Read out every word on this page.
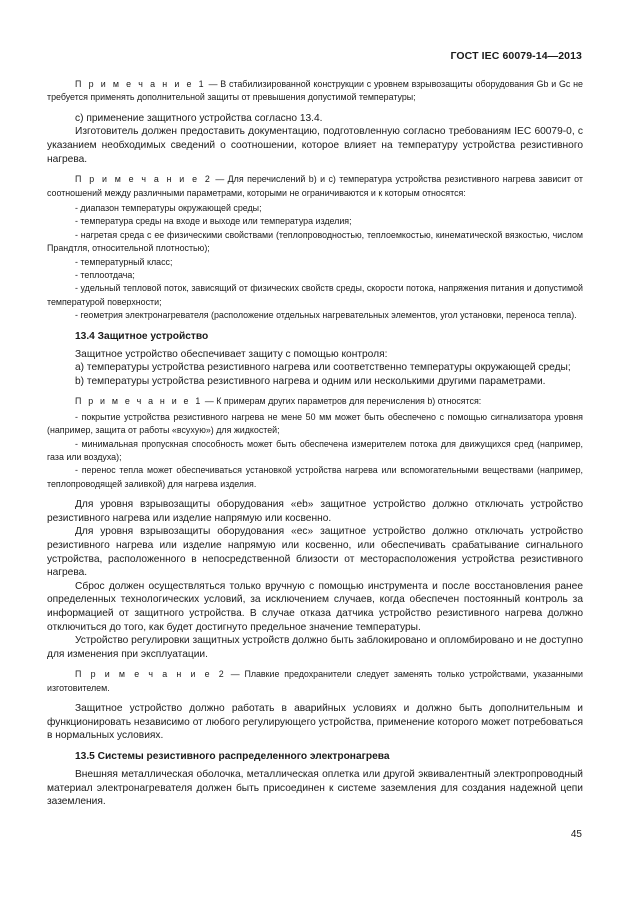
ГОСТ IEC 60079-14—2013

П р и м е ч а н и е 1 — В стабилизированной конструкции с уровнем взрывозащиты оборудования Gb и Gc не требуется применять дополнительной защиты от превышения допустимой температуры;

с) применение защитного устройства согласно 13.4.

Изготовитель должен предоставить документацию, подготовленную согласно требованиям IEC 60079-0, с указанием необходимых сведений о соотношении, которое влияет на температуру устройства резистивного нагрева.

П р и м е ч а н и е 2 — Для перечислений b) и с) температура устройства резистивного нагрева зависит от соотношений между различными параметрами, которыми не ограничиваются и к которым относятся:

- диапазон температуры окружающей среды;

- температура среды на входе и выходе или температура изделия;

- нагретая среда с ее физическими свойствами (теплопроводностью, теплоемкостью, кинематической вязкостью, числом Прандтля, относительной плотностью);

- температурный класс;

- теплоотдача;

- удельный тепловой поток, зависящий от физических свойств среды, скорости потока, напряжения питания и допустимой температурой поверхности;

- геометрия электронагревателя (расположение отдельных нагревательных элементов, угол установки, переноса тепла).

13.4 Защитное устройство

Защитное устройство обеспечивает защиту с помощью контроля:

а) температуры устройства резистивного нагрева или соответственно температуры окружающей среды;

b) температуры устройства резистивного нагрева и одним или несколькими другими параметрами.

П р и м е ч а н и е 1 — К примерам других параметров для перечисления b) относятся:

- покрытие устройства резистивного нагрева не мене 50 мм может быть обеспечено с помощью сигнализатора уровня (например, защита от работы «всухую») для жидкостей;

- минимальная пропускная способность может быть обеспечена измерителем потока для движущихся сред (например, газа или воздуха);

- перенос тепла может обеспечиваться установкой устройства нагрева или вспомогательными веществами (например, теплопроводящей заливкой) для нагрева изделия.

Для уровня взрывозащиты оборудования «eb» защитное устройство должно отключать устройство резистивного нагрева или изделие напрямую или косвенно.

Для уровня взрывозащиты оборудования «ec» защитное устройство должно отключать устройство резистивного нагрева или изделие напрямую или косвенно, или обеспечивать срабатывание сигнального устройства, расположенного в непосредственной близости от месторасположения устройства резистивного нагрева.

Сброс должен осуществляться только вручную с помощью инструмента и после восстановления ранее определенных технологических условий, за исключением случаев, когда обеспечен постоянный контроль за информацией от защитного устройства. В случае отказа датчика устройство резистивного нагрева должно отключиться до того, как будет достигнуто предельное значение температуры.

Устройство регулировки защитных устройств должно быть заблокировано и опломбировано и не доступно для изменения при эксплуатации.

П р и м е ч а н и е 2 — Плавкие предохранители следует заменять только устройствами, указанными изготовителем.

Защитное устройство должно работать в аварийных условиях и должно быть дополнительным и функционировать независимо от любого регулирующего устройства, применение которого может потребоваться в нормальных условиях.

13.5 Системы резистивного распределенного электронагрева

Внешняя металлическая оболочка, металлическая оплетка или другой эквивалентный электропроводный материал электронагревателя должен быть присоединен к системе заземления для создания надежной цепи заземления.

45
